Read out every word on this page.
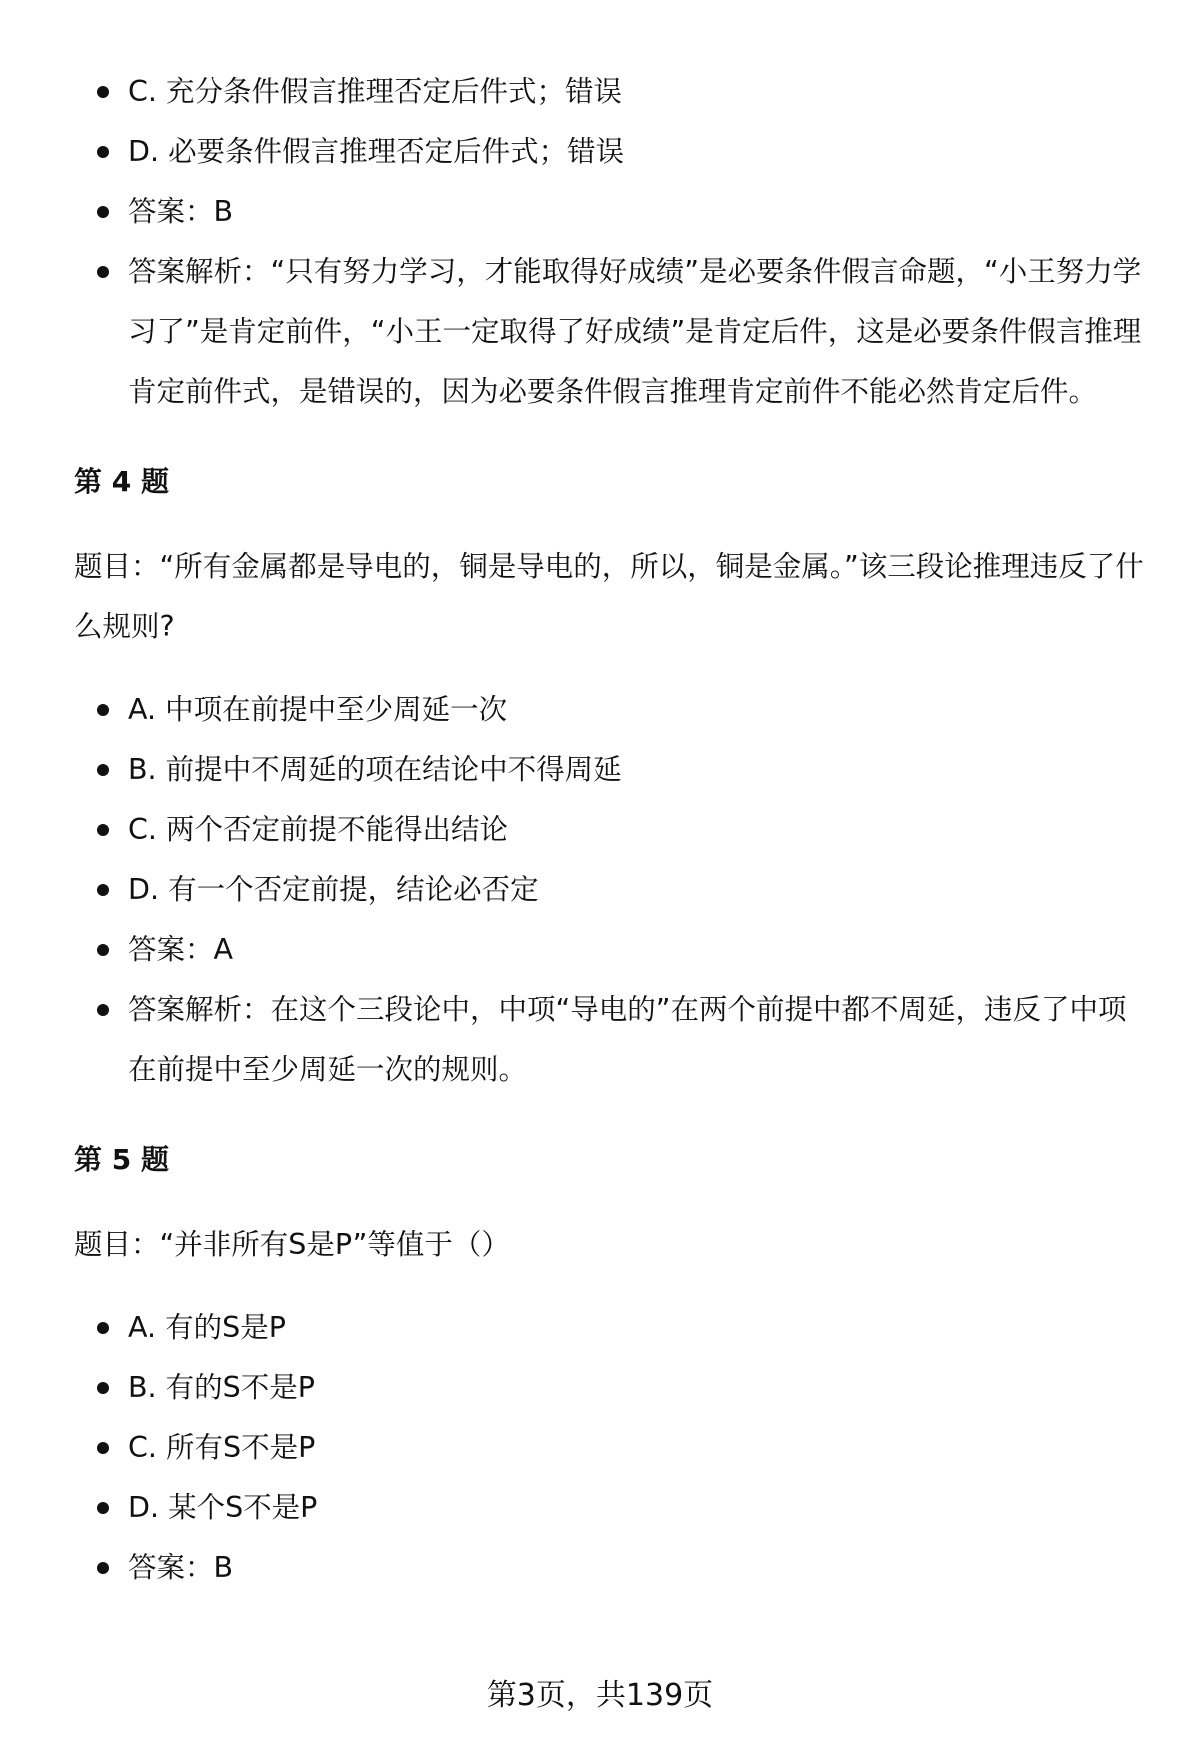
C. 充分条件假言推理否定后件式；错误
D. 必要条件假言推理否定后件式；错误
答案：B
答案解析：“只有努力学习，才能取得好成绩”是必要条件假言命题，“小王努力学习了”是肯定前件，“小王一定取得了好成绩”是肯定后件，这是必要条件假言推理肯定前件式，是错误的，因为必要条件假言推理肯定前件不能必然肯定后件。
第 4 题

题目：“所有金属都是导电的，铜是导电的，所以，铜是金属。”该三段论推理违反了什么规则?

A. 中项在前提中至少周延一次
B. 前提中不周延的项在结论中不得周延
C. 两个否定前提不能得出结论
D. 有一个否定前提，结论必否定
答案：A
答案解析：在这个三段论中，中项“导电的”在两个前提中都不周延，违反了中项在前提中至少周延一次的规则。
第 5 题

题目：“并非所有S是P”等值于（）

A. 有的S是P
B. 有的S不是P
C. 所有S不是P
D. 某个S不是P
答案：B
第3页，共139页
